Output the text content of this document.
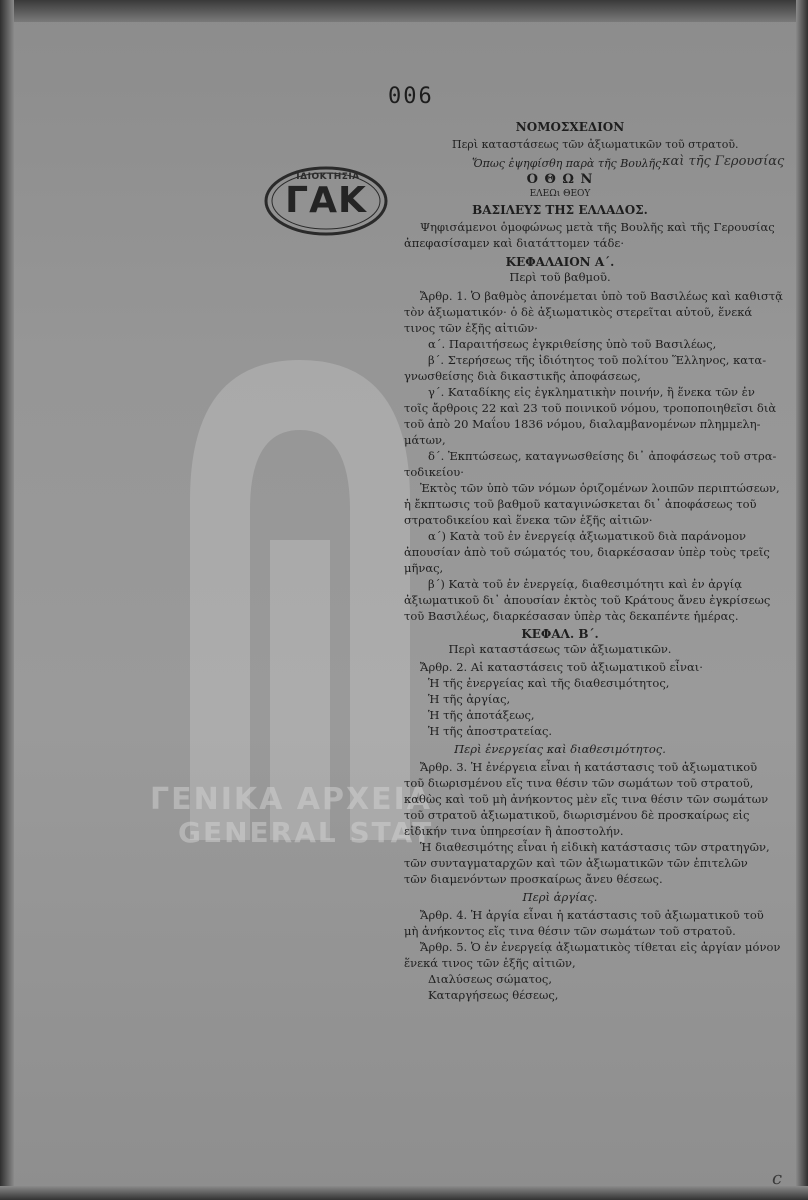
ΓΕΝΙΚΑ ΑΡΧΕΙΑ
GENERAL STAT
ΙΔΙΟΚΤΗΣΙΑ
ΓΑΚ
006
ΝΟΜΟΣΧΕΔΙΟΝ
Περὶ καταστάσεως τῶν ἀξιωματικῶν τοῦ στρατοῦ.
Ὅπως ἐψηφίσθη παρὰ τῆς Βουλῆς καὶ τῆς Γερουσίας
Ο Θ Ω Ν
ΕΛΕΩι ΘΕΟΥ
ΒΑΣΙΛΕΥΣ ΤΗΣ ΕΛΛΑΔΟΣ.
Ψηφισάμενοι ὁμοφώνως μετὰ τῆς Βουλῆς καὶ τῆς Γερουσίας
ἀπεφασίσαμεν καὶ διατάττομεν τάδε·
ΚΕΦΑΛΑΙΟΝ Α΄.
Περὶ τοῦ βαθμοῦ.
Ἄρθρ. 1. Ὁ βαθμὸς ἀπονέμεται ὑπὸ τοῦ Βασιλέως καὶ καθιστᾷ
τὸν ἀξιωματικόν· ὁ δὲ ἀξιωματικὸς στερεῖται αὐτοῦ, ἕνεκά
τινος τῶν ἑξῆς αἰτιῶν·
α΄. Παραιτήσεως ἐγκριθείσης ὑπὸ τοῦ Βασιλέως,
β΄. Στερήσεως τῆς ἰδιότητος τοῦ πολίτου Ἕλληνος, κατα-
γνωσθείσης διὰ δικαστικῆς ἀποφάσεως,
γ΄. Καταδίκης εἰς ἐγκληματικὴν ποινήν, ἢ ἕνεκα τῶν ἐν
τοῖς ἄρθροις 22 καὶ 23 τοῦ ποινικοῦ νόμου, τροποποιηθεῖσι διὰ
τοῦ ἀπὸ 20 Μαΐου 1836 νόμου, διαλαμβανομένων πλημμελη-
μάτων,
δ΄. Ἐκπτώσεως, καταγνωσθείσης δι᾽ ἀποφάσεως τοῦ στρα-
τοδικείου·
Ἐκτὸς τῶν ὑπὸ τῶν νόμων ὁριζομένων λοιπῶν περιπτώσεων,
ἡ ἔκπτωσις τοῦ βαθμοῦ καταγινώσκεται δι᾽ ἀποφάσεως τοῦ
στρατοδικείου καὶ ἕνεκα τῶν ἑξῆς αἰτιῶν·
α΄) Κατὰ τοῦ ἐν ἐνεργείᾳ ἀξιωματικοῦ διὰ παράνομον
ἀπουσίαν ἀπὸ τοῦ σώματός του, διαρκέσασαν ὑπὲρ τοὺς τρεῖς
μῆνας,
β΄) Κατὰ τοῦ ἐν ἐνεργείᾳ, διαθεσιμότητι καὶ ἐν ἀργίᾳ
ἀξιωματικοῦ δι᾽ ἀπουσίαν ἐκτὸς τοῦ Κράτους ἄνευ ἐγκρίσεως
τοῦ Βασιλέως, διαρκέσασαν ὑπὲρ τὰς δεκαπέντε ἡμέρας.
ΚΕΦΑΛ. Β΄.
Περὶ καταστάσεως τῶν ἀξιωματικῶν.
Ἄρθρ. 2. Αἱ καταστάσεις τοῦ ἀξιωματικοῦ εἶναι·
Ἡ τῆς ἐνεργείας καὶ τῆς διαθεσιμότητος,
Ἡ τῆς ἀργίας,
Ἡ τῆς ἀποτάξεως,
Ἡ τῆς ἀποστρατείας.
Περὶ ἐνεργείας καὶ διαθεσιμότητος.
Ἄρθρ. 3. Ἡ ἐνέργεια εἶναι ἡ κατάστασις τοῦ ἀξιωματικοῦ
τοῦ διωρισμένου εἴς τινα θέσιν τῶν σωμάτων τοῦ στρατοῦ,
καθὼς καὶ τοῦ μὴ ἀνήκοντος μὲν εἴς τινα θέσιν τῶν σωμάτων
τοῦ στρατοῦ ἀξιωματικοῦ, διωρισμένου δὲ προσκαίρως εἰς
εἰδικήν τινα ὑπηρεσίαν ἢ ἀποστολήν.
Ἡ διαθεσιμότης εἶναι ἡ εἰδικὴ κατάστασις τῶν στρατηγῶν,
τῶν συνταγματαρχῶν καὶ τῶν ἀξιωματικῶν τῶν ἐπιτελῶν
τῶν διαμενόντων προσκαίρως ἄνευ θέσεως.
Περὶ ἀργίας.
Ἄρθρ. 4. Ἡ ἀργία εἶναι ἡ κατάστασις τοῦ ἀξιωματικοῦ τοῦ
μὴ ἀνήκοντος εἴς τινα θέσιν τῶν σωμάτων τοῦ στρατοῦ.
Ἄρθρ. 5. Ὁ ἐν ἐνεργείᾳ ἀξιωματικὸς τίθεται εἰς ἀργίαν μόνον
ἕνεκά τινος τῶν ἑξῆς αἰτιῶν,
Διαλύσεως σώματος,
Καταργήσεως θέσεως,
c
